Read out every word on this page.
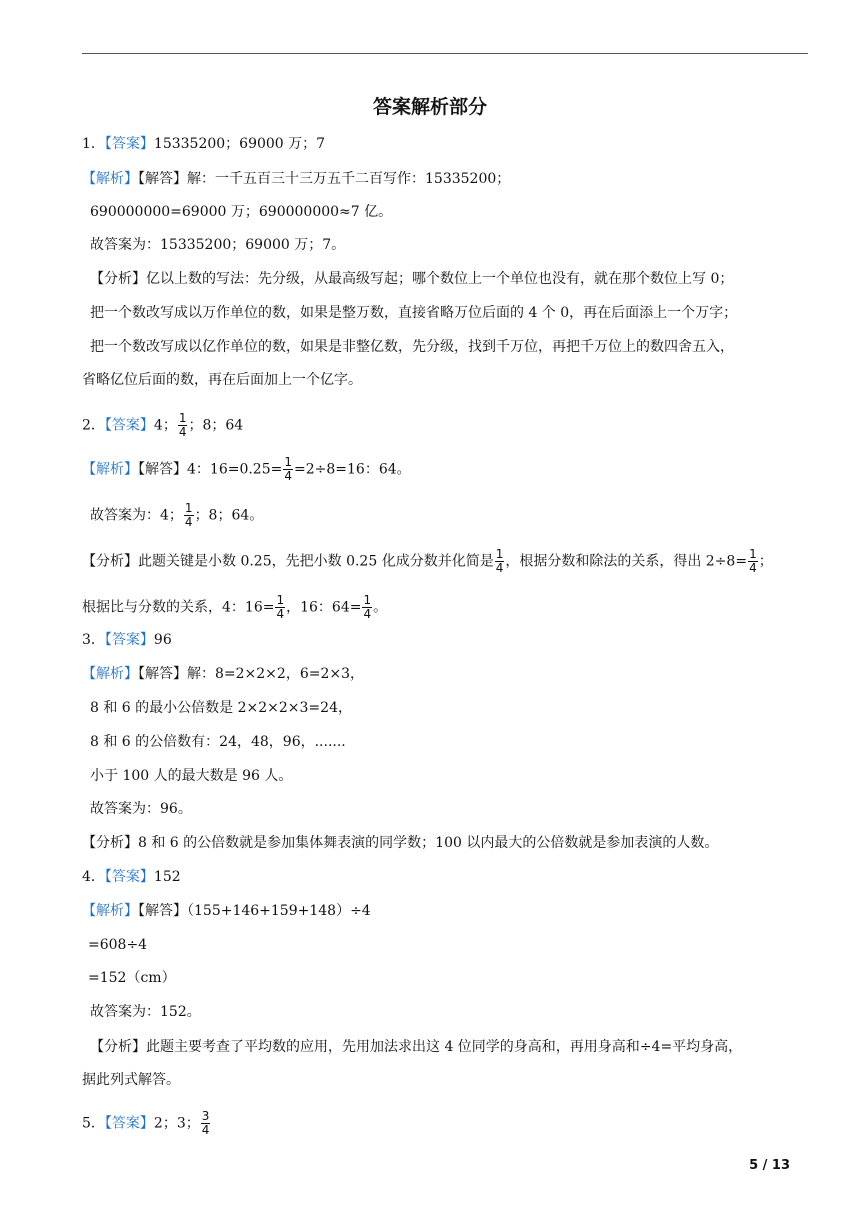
答案解析部分
1．【答案】15335200；69000 万；7
【解析】【解答】解：一千五百三十三万五千二百写作：15335200；
690000000=69000 万；690000000≈7 亿。
故答案为：15335200；69000 万；7。
【分析】亿以上数的写法：先分级，从最高级写起；哪个数位上一个单位也没有，就在那个数位上写 0；
把一个数改写成以万作单位的数，如果是整万数，直接省略万位后面的 4 个 0，再在后面添上一个万字；
把一个数改写成以亿作单位的数，如果是非整亿数，先分级，找到千万位，再把千万位上的数四舍五入，
省略亿位后面的数，再在后面加上一个亿字。
2．【答案】4； $\frac{1}{4}$ ；8；64
【解析】【解答】4：$16=0.25= \frac{1}{4} =2\div 8=16$：64。
故答案为：4； $\frac{1}{4}$ ；8；64。
【分析】此题关键是小数 0.25，先把小数 0.25 化成分数并化简是 $\frac{1}{4}$ ，根据分数和除法的关系，得出 $2\div 8= \frac{1}{4}$ ；
根据比与分数的关系，4：$16= \frac{1}{4}$ ，16：$64= \frac{1}{4}$ 。
3．【答案】96
【解析】【解答】解：8=2×2×2，6=2×3，
8 和 6 的最小公倍数是 2×2×2×3=24，
8 和 6 的公倍数有：24，48，96，.......
小于 100 人的最大数是 96 人。
故答案为：96。
【分析】8 和 6 的公倍数就是参加集体舞表演的同学数；100 以内最大的公倍数就是参加表演的人数。
4．【答案】152
【解析】【解答】（155+146+159+148）÷4
=608÷4
=152（cm）
故答案为：152。
【分析】此题主要考查了平均数的应用，先用加法求出这 4 位同学的身高和，再用身高和÷4=平均身高，
据此列式解答。
5．【答案】2；3； $\frac{3}{4}$
5 / 13
